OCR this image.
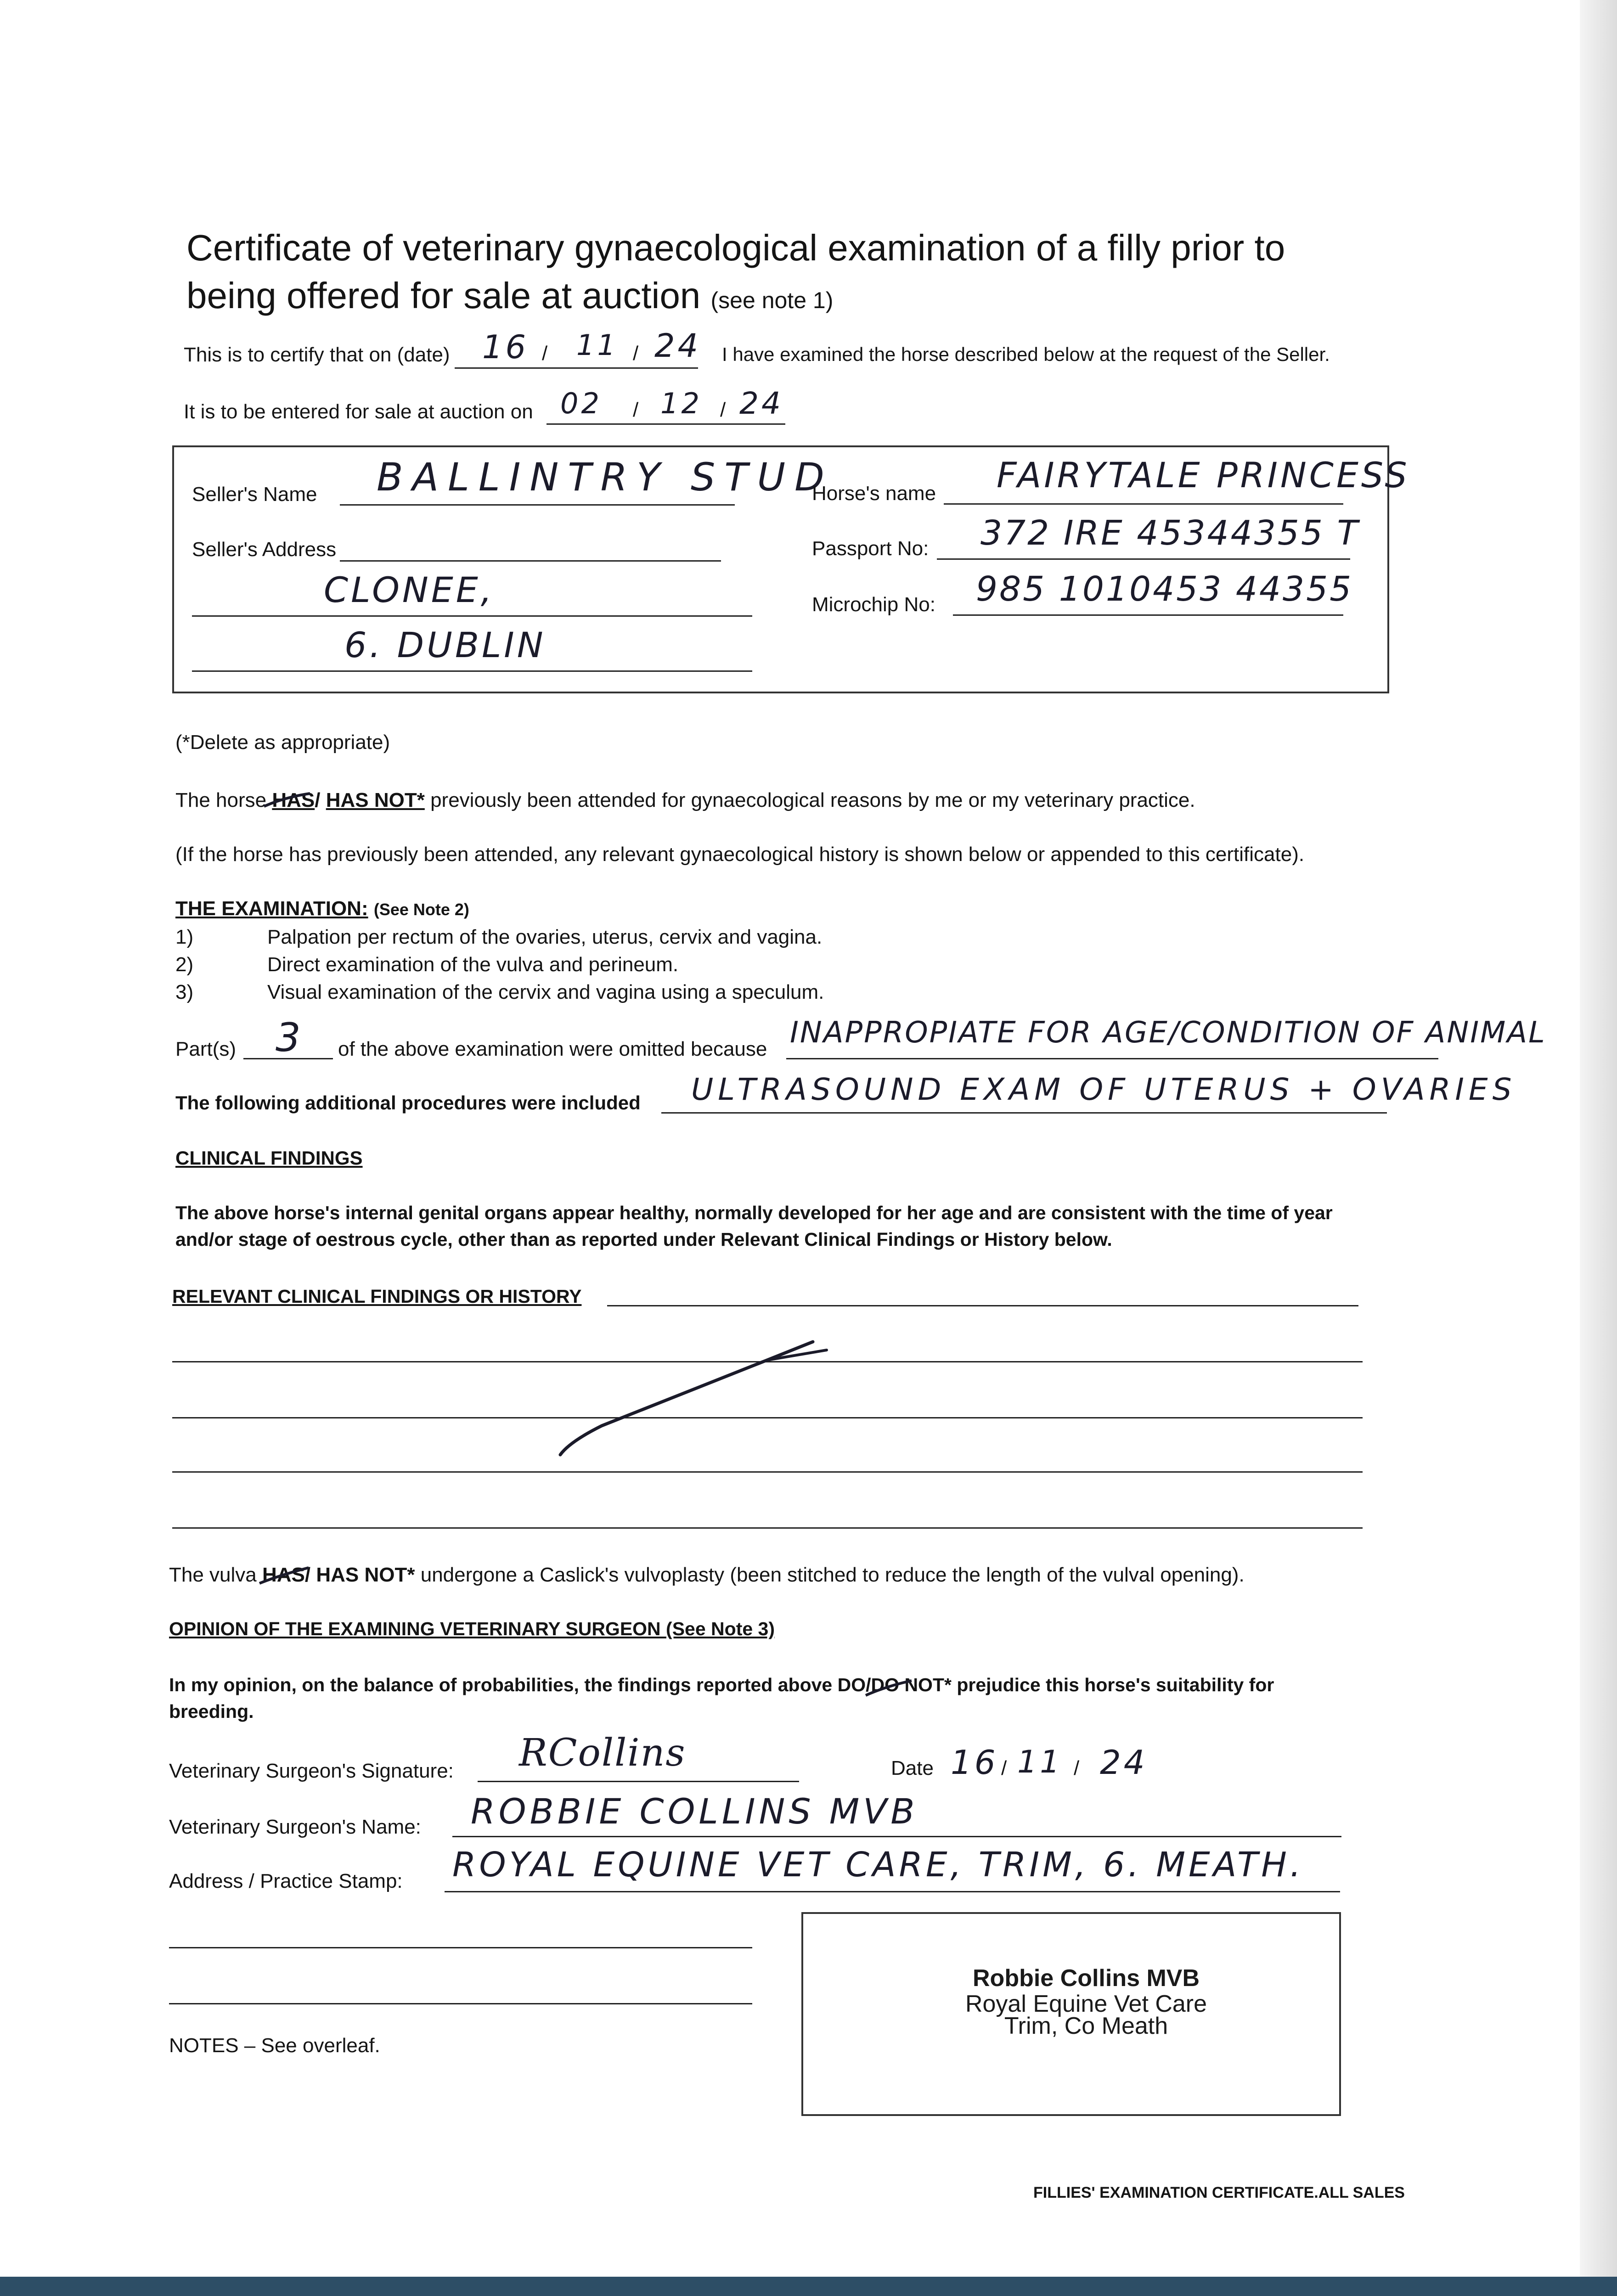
Certificate of veterinary gynaecological examination of a filly prior to
being offered for sale at auction (see note 1)
This is to certify that on (date) 16 / 11 / 24 I have examined the horse described below at the request of the Seller.
It is to be entered for sale at auction on 02 / 12 / 24
Seller's Name BALLINTRY STUD
Seller's Address
CLONEE,
6. DUBLIN
Horse's name FAIRYTALE PRINCESS
Passport No: 372 IRE 45344355 T
Microchip No: 985 1010453 44355
(*Delete as appropriate)
The horse HAS/ HAS NOT* previously been attended for gynaecological reasons by me or my veterinary practice.
(If the horse has previously been attended, any relevant gynaecological history is shown below or appended to this certificate).
THE EXAMINATION: (See Note 2)
1)	Palpation per rectum of the ovaries, uterus, cervix and vagina.
2)	Direct examination of the vulva and perineum.
3)	Visual examination of the cervix and vagina using a speculum.
Part(s) 3 of the above examination were omitted because INAPPROPIATE FOR AGE/CONDITION OF ANIMAL
The following additional procedures were included ULTRASOUND EXAM OF UTERUS + OVARIES
CLINICAL FINDINGS
The above horse's internal genital organs appear healthy, normally developed for her age and are consistent with the time of year
and/or stage of oestrous cycle, other than as reported under Relevant Clinical Findings or History below.
RELEVANT CLINICAL FINDINGS OR HISTORY
The vulva HAS/ HAS NOT* undergone a Caslick's vulvoplasty (been stitched to reduce the length of the vulval opening).
OPINION OF THE EXAMINING VETERINARY SURGEON (See Note 3)
In my opinion, on the balance of probabilities, the findings reported above DO/DO NOT* prejudice this horse's suitability for
breeding.
Veterinary Surgeon's Signature: RCollins	Date 16 / 11 / 24
Veterinary Surgeon's Name: ROBBIE COLLINS MVB
Address / Practice Stamp: ROYAL EQUINE VET CARE, TRIM, 6. MEATH.
Robbie Collins MVB
Royal Equine Vet Care
Trim, Co Meath
NOTES – See overleaf.
FILLIES' EXAMINATION CERTIFICATE.ALL SALES
